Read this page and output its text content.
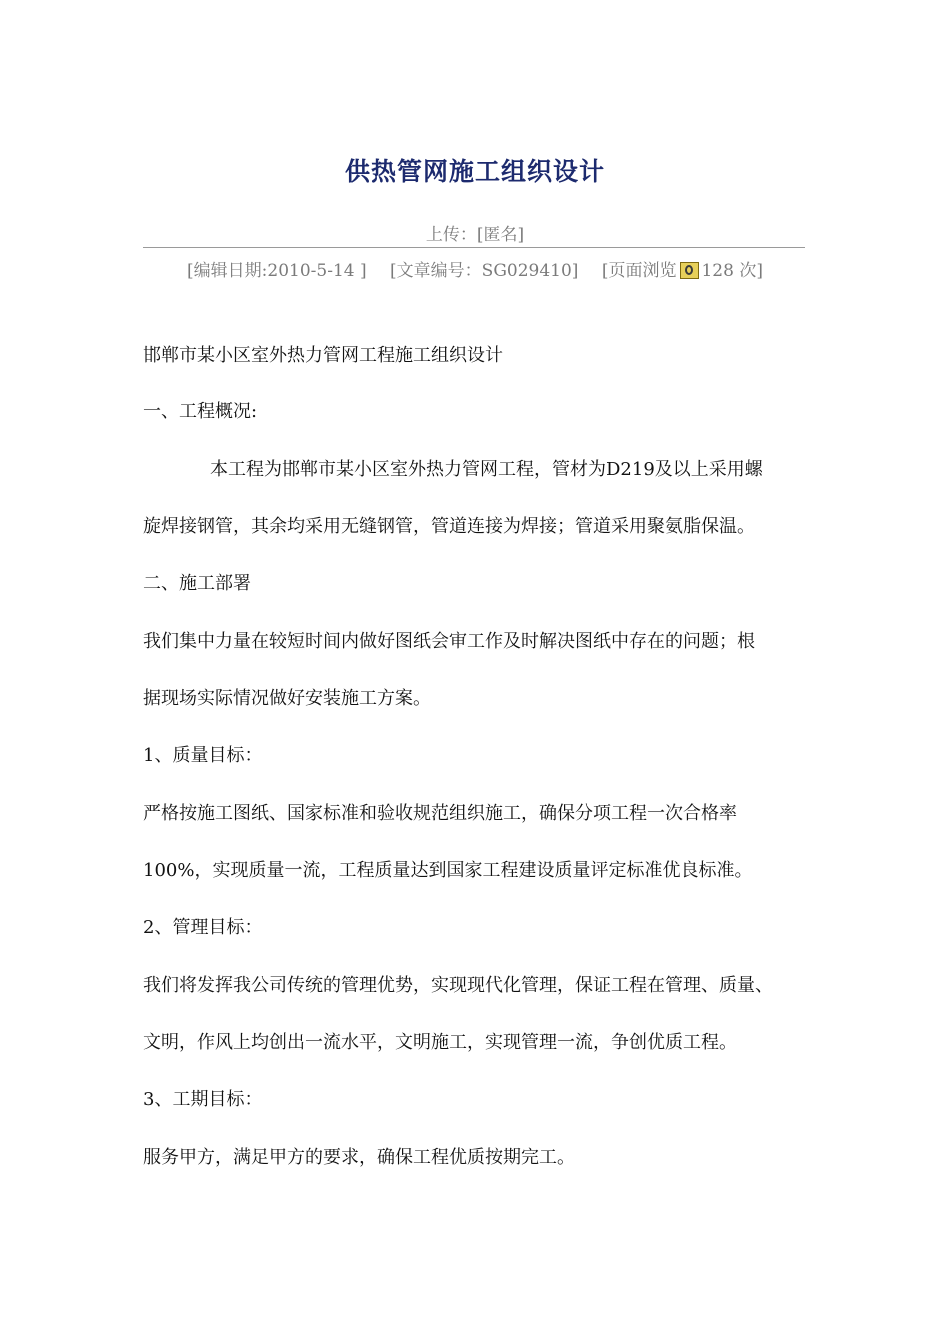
供热管网施工组织设计
上传：[匿名]
[编辑日期:2010-5-14 ] [文章编号：SG029410] [页面浏览 128 次]
邯郸市某小区室外热力管网工程施工组织设计
一、工程概况:
本工程为邯郸市某小区室外热力管网工程，管材为D219及以上采用螺
旋焊接钢管，其余均采用无缝钢管，管道连接为焊接；管道采用聚氨脂保温。
二、施工部署
我们集中力量在较短时间内做好图纸会审工作及时解决图纸中存在的问题；根
据现场实际情况做好安装施工方案。
1、质量目标：
严格按施工图纸、国家标准和验收规范组织施工，确保分项工程一次合格率
100%，实现质量一流，工程质量达到国家工程建设质量评定标准优良标准。
2、管理目标：
我们将发挥我公司传统的管理优势，实现现代化管理，保证工程在管理、质量、
文明，作风上均创出一流水平，文明施工，实现管理一流，争创优质工程。
3、工期目标：
服务甲方，满足甲方的要求，确保工程优质按期完工。
